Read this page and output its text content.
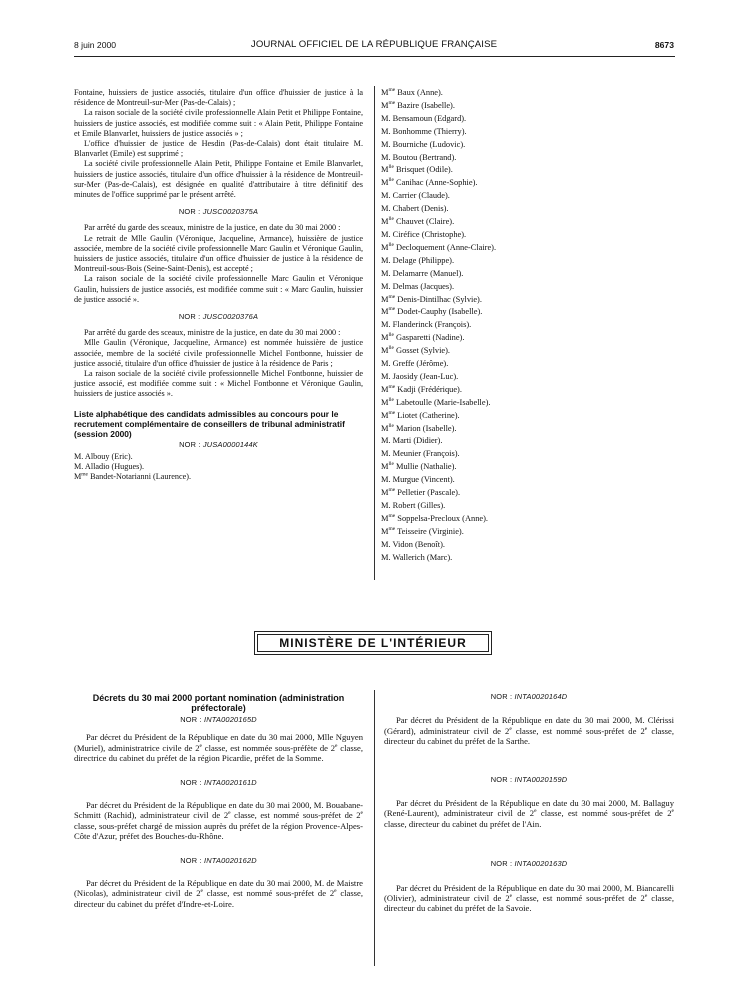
8 juin 2000	JOURNAL OFFICIEL DE LA RÉPUBLIQUE FRANÇAISE	8673

Fontaine, huissiers de justice associés, titulaire d'un office d'huissier de justice à la résidence de Montreuil-sur-Mer (Pas-de-Calais) ;

La raison sociale de la société civile professionnelle Alain Petit et Philippe Fontaine, huissiers de justice associés, est modifiée comme suit : « Alain Petit, Philippe Fontaine et Emile Blanvarlet, huissiers de justice associés » ;

L'office d'huissier de justice de Hesdin (Pas-de-Calais) dont était titulaire M. Blanvarlet (Emile) est supprimé ;

La société civile professionnelle Alain Petit, Philippe Fontaine et Emile Blanvarlet, huissiers de justice associés, titulaire d'un office d'huissier à la résidence de Montreuil-sur-Mer (Pas-de-Calais), est désignée en qualité d'attributaire à titre définitif des minutes de l'office supprimé par le présent arrêté.

NOR : JUSC0020375A

Par arrêté du garde des sceaux, ministre de la justice, en date du 30 mai 2000 :

Le retrait de Mlle Gaulin (Véronique, Jacqueline, Armance), huissière de justice associée, membre de la société civile professionnelle Marc Gaulin et Véronique Gaulin, huissiers de justice associés, titulaire d'un office d'huissier de justice à la résidence de Montreuil-sous-Bois (Seine-Saint-Denis), est accepté ;

La raison sociale de la société civile professionnelle Marc Gaulin et Véronique Gaulin, huissiers de justice associés, est modifiée comme suit : « Marc Gaulin, huissier de justice associé ».

NOR : JUSC0020376A

Par arrêté du garde des sceaux, ministre de la justice, en date du 30 mai 2000 :

Mlle Gaulin (Véronique, Jacqueline, Armance) est nommée huissière de justice associée, membre de la société civile professionnelle Michel Fontbonne, huissier de justice associé, titulaire d'un office d'huissier de justice à la résidence de Paris ;

La raison sociale de la société civile professionnelle Michel Fontbonne, huissier de justice associé, est modifiée comme suit : « Michel Fontbonne et Véronique Gaulin, huissiers de justice associés ».

Liste alphabétique des candidats admissibles au concours pour le recrutement complémentaire de conseillers de tribunal administratif (session 2000)
NOR : JUSA0000144K
M. Albouy (Eric).
M. Alladio (Hugues).
$M^{me}$ Bandet-Notarianni (Laurence).
$M^{me}$ Baux (Anne).
$M^{me}$ Bazire (Isabelle).
M. Bensamoun (Edgard).
M. Bonhomme (Thierry).
M. Bourniche (Ludovic).
M. Boutou (Bertrand).
$M^{lle}$ Brisquet (Odile).
$M^{lle}$ Canihac (Anne-Sophie).
M. Carrier (Claude).
M. Chabert (Denis).
$M^{lle}$ Chauvet (Claire).
M. Ciréfice (Christophe).
$M^{lle}$ Decloquement (Anne-Claire).
M. Delage (Philippe).
M. Delamarre (Manuel).
M. Delmas (Jacques).
$M^{me}$ Denis-Dintilhac (Sylvie).
$M^{me}$ Dodet-Cauphy (Isabelle).
M. Flanderinck (François).
$M^{lle}$ Gasparetti (Nadine).
$M^{lle}$ Gosset (Sylvie).
M. Greffe (Jérôme).
M. Jaosidy (Jean-Luc).
$M^{me}$ Kadji (Frédérique).
$M^{lle}$ Labetoulle (Marie-Isabelle).
$M^{me}$ Liotet (Catherine).
$M^{lle}$ Marion (Isabelle).
M. Marti (Didier).
M. Meunier (François).
$M^{lle}$ Mullie (Nathalie).
M. Murgue (Vincent).
$M^{me}$ Pelletier (Pascale).
M. Robert (Gilles).
$M^{me}$ Soppelsa-Precloux (Anne).
$M^{me}$ Teisseire (Virginie).
M. Vidon (Benoît).
M. Wallerich (Marc).
MINISTÈRE DE L'INTÉRIEUR
Décrets du 30 mai 2000 portant nomination (administration préfectorale)
NOR : INTA0020165D

Par décret du Président de la République en date du 30 mai 2000, Mlle Nguyen (Muriel), administratrice civile de 2e classe, est nommée sous-préfète de 2e classe, directrice du cabinet du préfet de la région Picardie, préfet de la Somme.

NOR : INTA0020161D

Par décret du Président de la République en date du 30 mai 2000, M. Bouabane-Schmitt (Rachid), administrateur civil de 2e classe, est nommé sous-préfet de 2e classe, sous-préfet chargé de mission auprès du préfet de la région Provence-Alpes-Côte d'Azur, préfet des Bouches-du-Rhône.

NOR : INTA0020162D

Par décret du Président de la République en date du 30 mai 2000, M. de Maistre (Nicolas), administrateur civil de 2e classe, est nommé sous-préfet de 2e classe, directeur du cabinet du préfet d'Indre-et-Loire.

NOR : INTA0020164D

Par décret du Président de la République en date du 30 mai 2000, M. Clérissi (Gérard), administrateur civil de 2e classe, est nommé sous-préfet de 2e classe, directeur du cabinet du préfet de la Sarthe.

NOR : INTA0020159D

Par décret du Président de la République en date du 30 mai 2000, M. Ballaguy (René-Laurent), administrateur civil de 2e classe, est nommé sous-préfet de 2e classe, directeur du cabinet du préfet de l'Ain.

NOR : INTA0020163D

Par décret du Président de la République en date du 30 mai 2000, M. Biancarelli (Olivier), administrateur civil de 2e classe, est nommé sous-préfet de 2e classe, directeur du cabinet du préfet de la Savoie.
